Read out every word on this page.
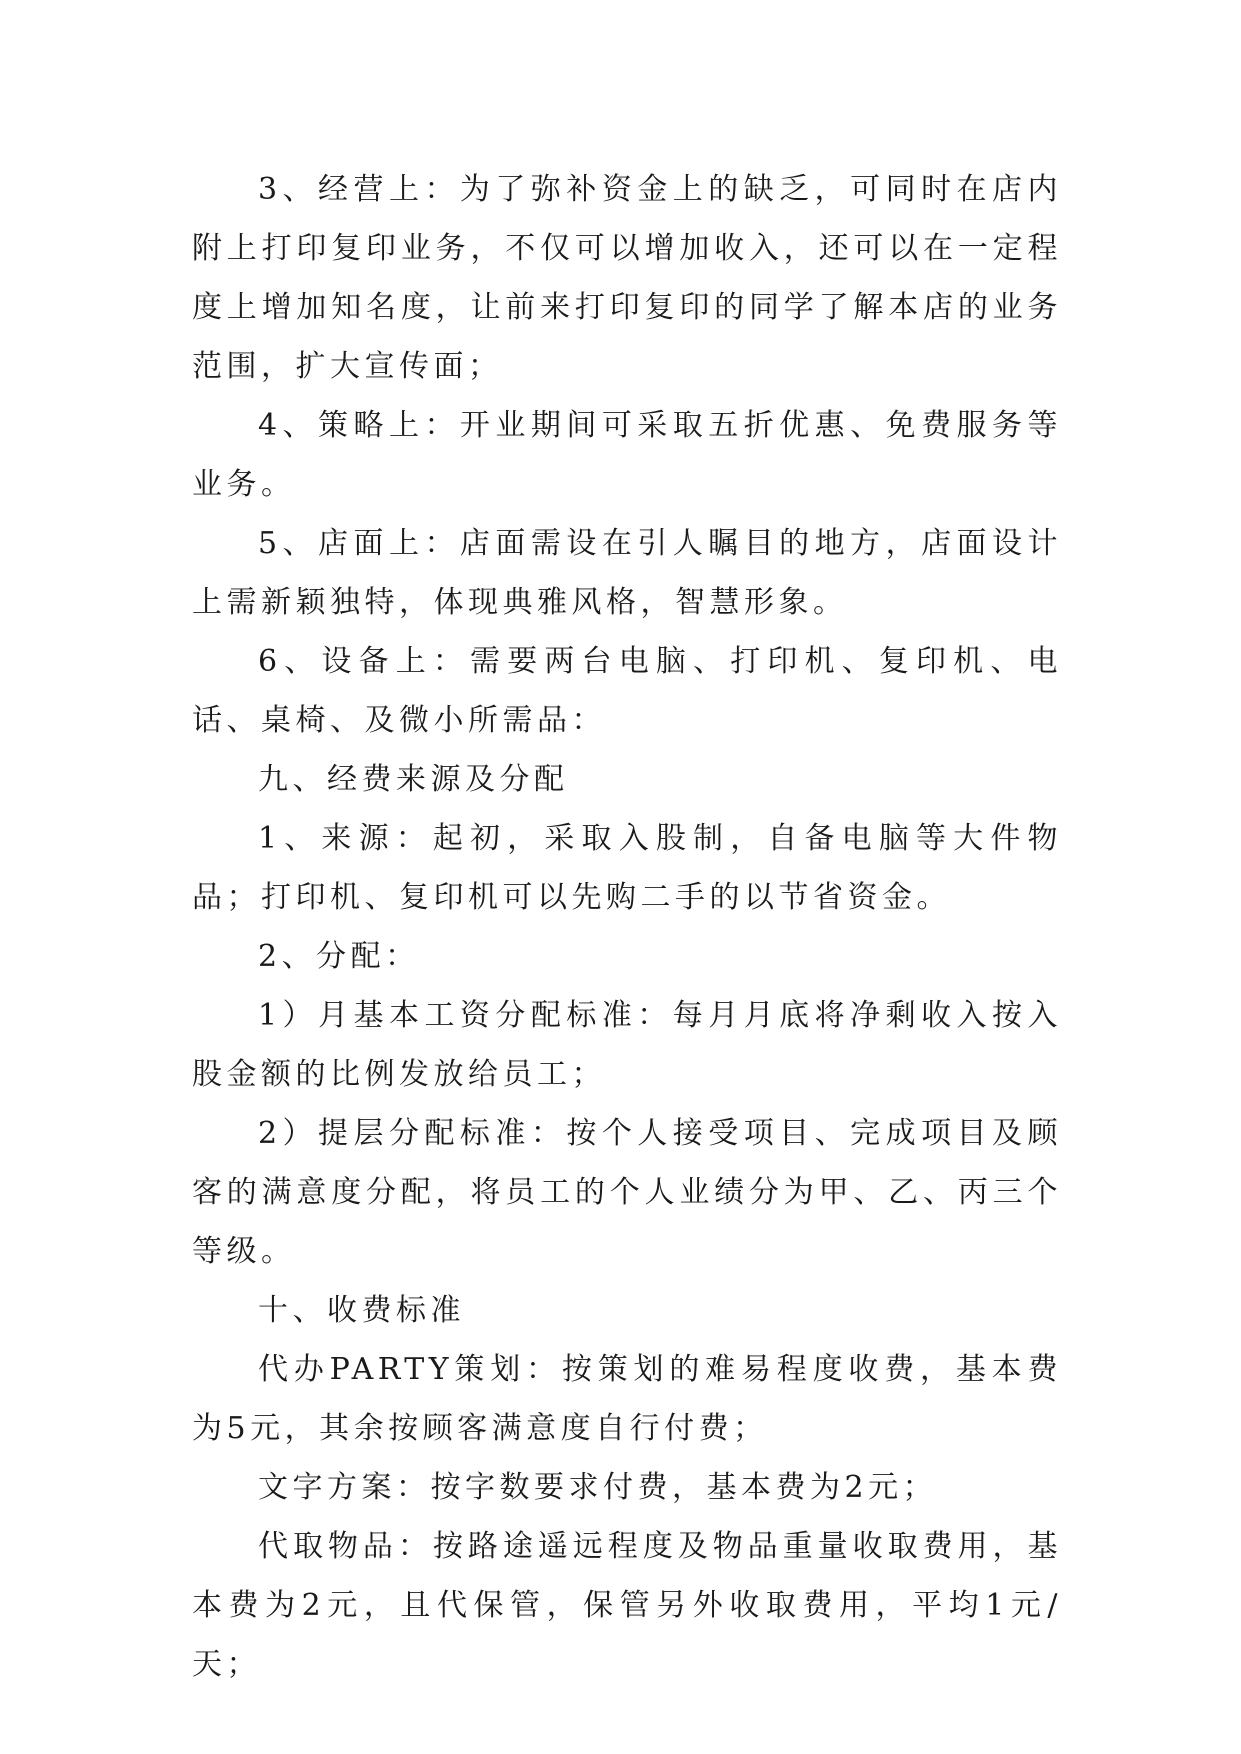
3、经营上：为了弥补资金上的缺乏，可同时在店内附上打印复印业务，不仅可以增加收入，还可以在一定程度上增加知名度，让前来打印复印的同学了解本店的业务范围，扩大宣传面；

4、策略上：开业期间可采取五折优惠、免费服务等业务。

5、店面上：店面需设在引人瞩目的地方，店面设计上需新颖独特，体现典雅风格，智慧形象。

6、设备上：需要两台电脑、打印机、复印机、电话、桌椅、及微小所需品：

九、经费来源及分配

1、来源：起初，采取入股制，自备电脑等大件物品；打印机、复印机可以先购二手的以节省资金。

2、分配：

1）月基本工资分配标准：每月月底将净剩收入按入股金额的比例发放给员工；

2）提层分配标准：按个人接受项目、完成项目及顾客的满意度分配，将员工的个人业绩分为甲、乙、丙三个等级。

十、收费标准

代办PARTY策划：按策划的难易程度收费，基本费为5元，其余按顾客满意度自行付费；

文字方案：按字数要求付费，基本费为2元；

代取物品：按路途遥远程度及物品重量收取费用，基本费为2元，且代保管，保管另外收取费用，平均1元/天；
